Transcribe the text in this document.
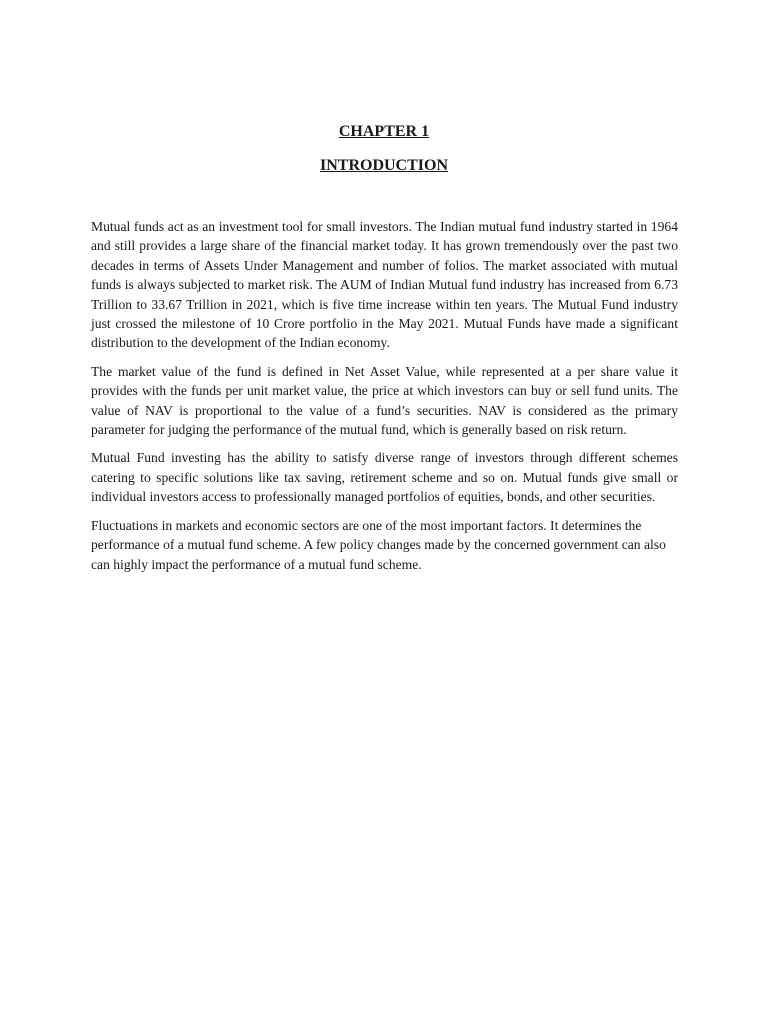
CHAPTER 1
INTRODUCTION

Mutual funds act as an investment tool for small investors. The Indian mutual fund industry started in 1964 and still provides a large share of the financial market today. It has grown tremendously over the past two decades in terms of Assets Under Management and number of folios. The market associated with mutual funds is always subjected to market risk. The AUM of Indian Mutual fund industry has increased from 6.73 Trillion to 33.67 Trillion in 2021, which is five time increase within ten years. The Mutual Fund industry just crossed the milestone of 10 Crore portfolio in the May 2021. Mutual Funds have made a significant distribution to the development of the Indian economy.

The market value of the fund is defined in Net Asset Value, while represented at a per share value it provides with the funds per unit market value, the price at which investors can buy or sell fund units. The value of NAV is proportional to the value of a fund’s securities. NAV is considered as the primary parameter for judging the performance of the mutual fund, which is generally based on risk return.

Mutual Fund investing has the ability to satisfy diverse range of investors through different schemes catering to specific solutions like tax saving, retirement scheme and so on. Mutual funds give small or individual investors access to professionally managed portfolios of equities, bonds, and other securities.

Fluctuations in markets and economic sectors are one of the most important factors. It determines the performance of a mutual fund scheme. A few policy changes made by the concerned government can also can highly impact the performance of a mutual fund scheme.
